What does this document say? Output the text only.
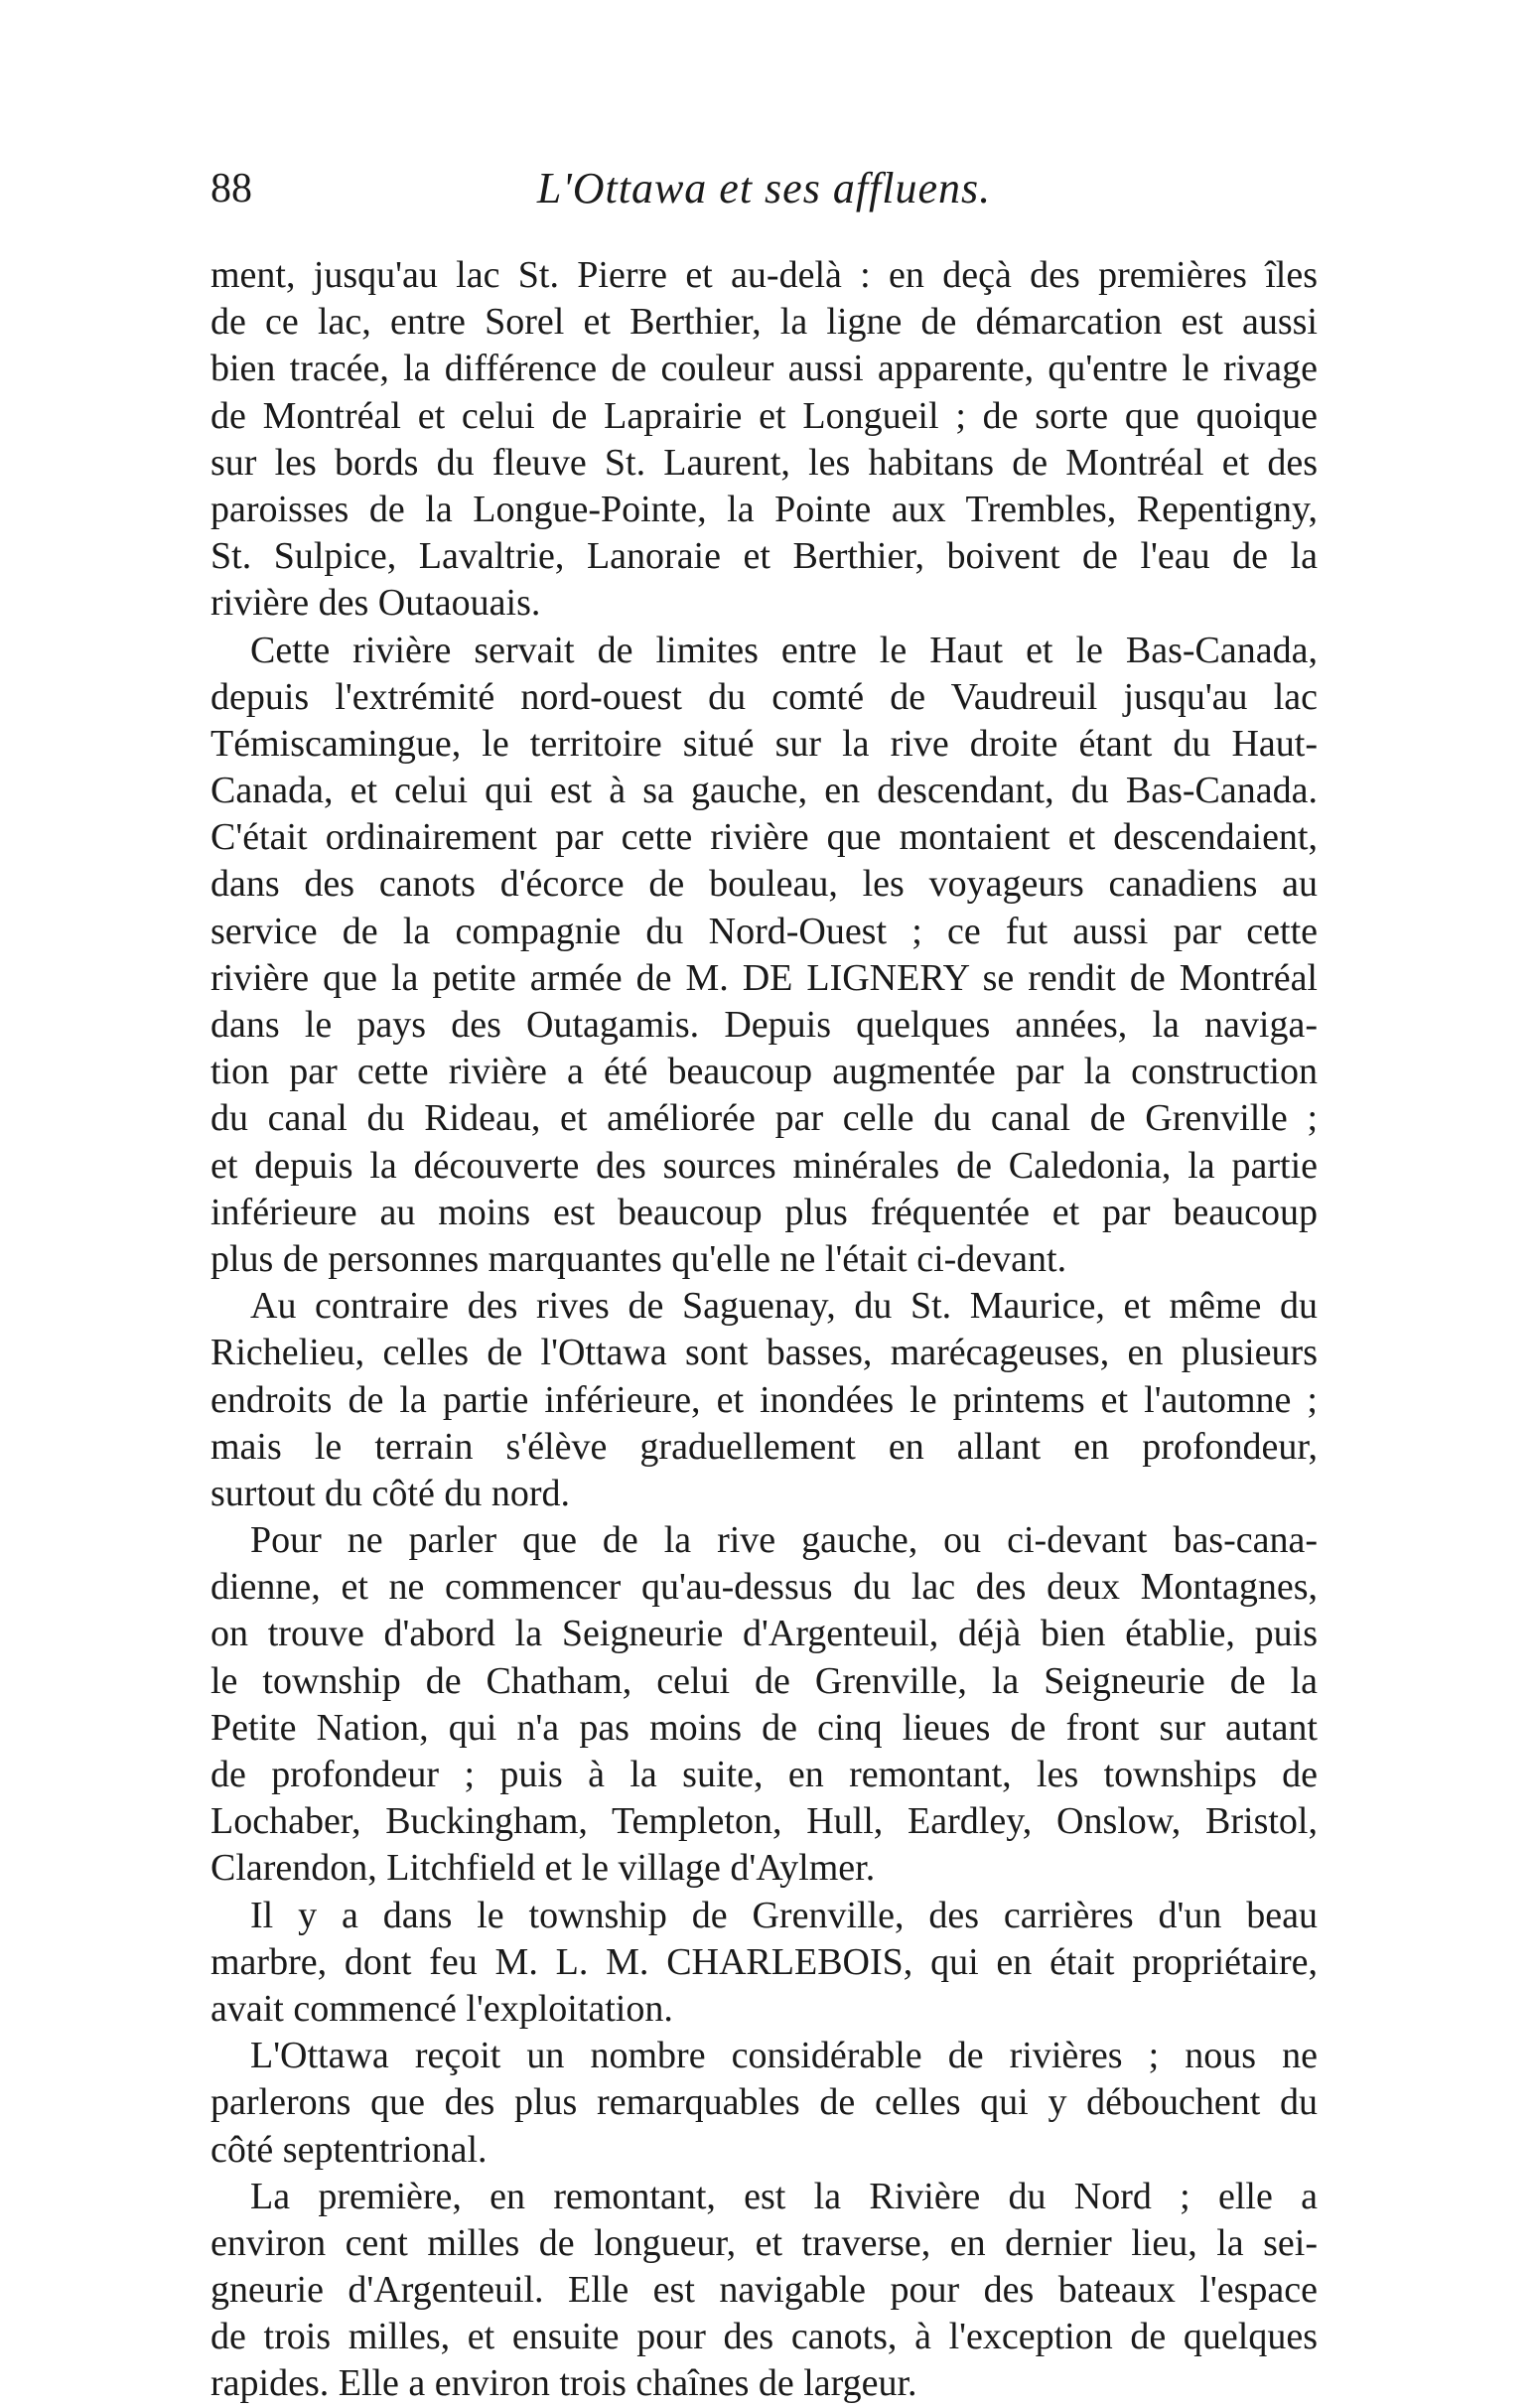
88	L'Ottawa et ses affluens.
ment, jusqu'au lac St. Pierre et au-delà : en deçà des premières îles
de ce lac, entre Sorel et Berthier, la ligne de démarcation est aussi
bien tracée, la différence de couleur aussi apparente, qu'entre le rivage
de Montréal et celui de Laprairie et Longueil ; de sorte que quoique
sur les bords du fleuve St. Laurent, les habitans de Montréal et des
paroisses de la Longue-Pointe, la Pointe aux Trembles, Repentigny,
St. Sulpice, Lavaltrie, Lanoraie et Berthier, boivent de l'eau de la
rivière des Outaouais.
Cette rivière servait de limites entre le Haut et le Bas-Canada,
depuis l'extrémité nord-ouest du comté de Vaudreuil jusqu'au lac
Témiscamingue, le territoire situé sur la rive droite étant du Haut-
Canada, et celui qui est à sa gauche, en descendant, du Bas-Canada.
C'était ordinairement par cette rivière que montaient et descendaient,
dans des canots d'écorce de bouleau, les voyageurs canadiens au
service de la compagnie du Nord-Ouest ; ce fut aussi par cette
rivière que la petite armée de M. DE LIGNERY se rendit de Montréal
dans le pays des Outagamis. Depuis quelques années, la naviga-
tion par cette rivière a été beaucoup augmentée par la construction
du canal du Rideau, et améliorée par celle du canal de Grenville ;
et depuis la découverte des sources minérales de Caledonia, la partie
inférieure au moins est beaucoup plus fréquentée et par beaucoup
plus de personnes marquantes qu'elle ne l'était ci-devant.
Au contraire des rives de Saguenay, du St. Maurice, et même du
Richelieu, celles de l'Ottawa sont basses, marécageuses, en plusieurs
endroits de la partie inférieure, et inondées le printems et l'automne ;
mais le terrain s'élève graduellement en allant en profondeur,
surtout du côté du nord.
Pour ne parler que de la rive gauche, ou ci-devant bas-cana-
dienne, et ne commencer qu'au-dessus du lac des deux Montagnes,
on trouve d'abord la Seigneurie d'Argenteuil, déjà bien établie, puis
le township de Chatham, celui de Grenville, la Seigneurie de la
Petite Nation, qui n'a pas moins de cinq lieues de front sur autant
de profondeur ; puis à la suite, en remontant, les townships de
Lochaber, Buckingham, Templeton, Hull, Eardley, Onslow, Bristol,
Clarendon, Litchfield et le village d'Aylmer.
Il y a dans le township de Grenville, des carrières d'un beau
marbre, dont feu M. L. M. CHARLEBOIS, qui en était propriétaire,
avait commencé l'exploitation.
L'Ottawa reçoit un nombre considérable de rivières ; nous ne
parlerons que des plus remarquables de celles qui y débouchent du
côté septentrional.
La première, en remontant, est la Rivière du Nord ; elle a
environ cent milles de longueur, et traverse, en dernier lieu, la sei-
gneurie d'Argenteuil. Elle est navigable pour des bateaux l'espace
de trois milles, et ensuite pour des canots, à l'exception de quelques
rapides. Elle a environ trois chaînes de largeur.
